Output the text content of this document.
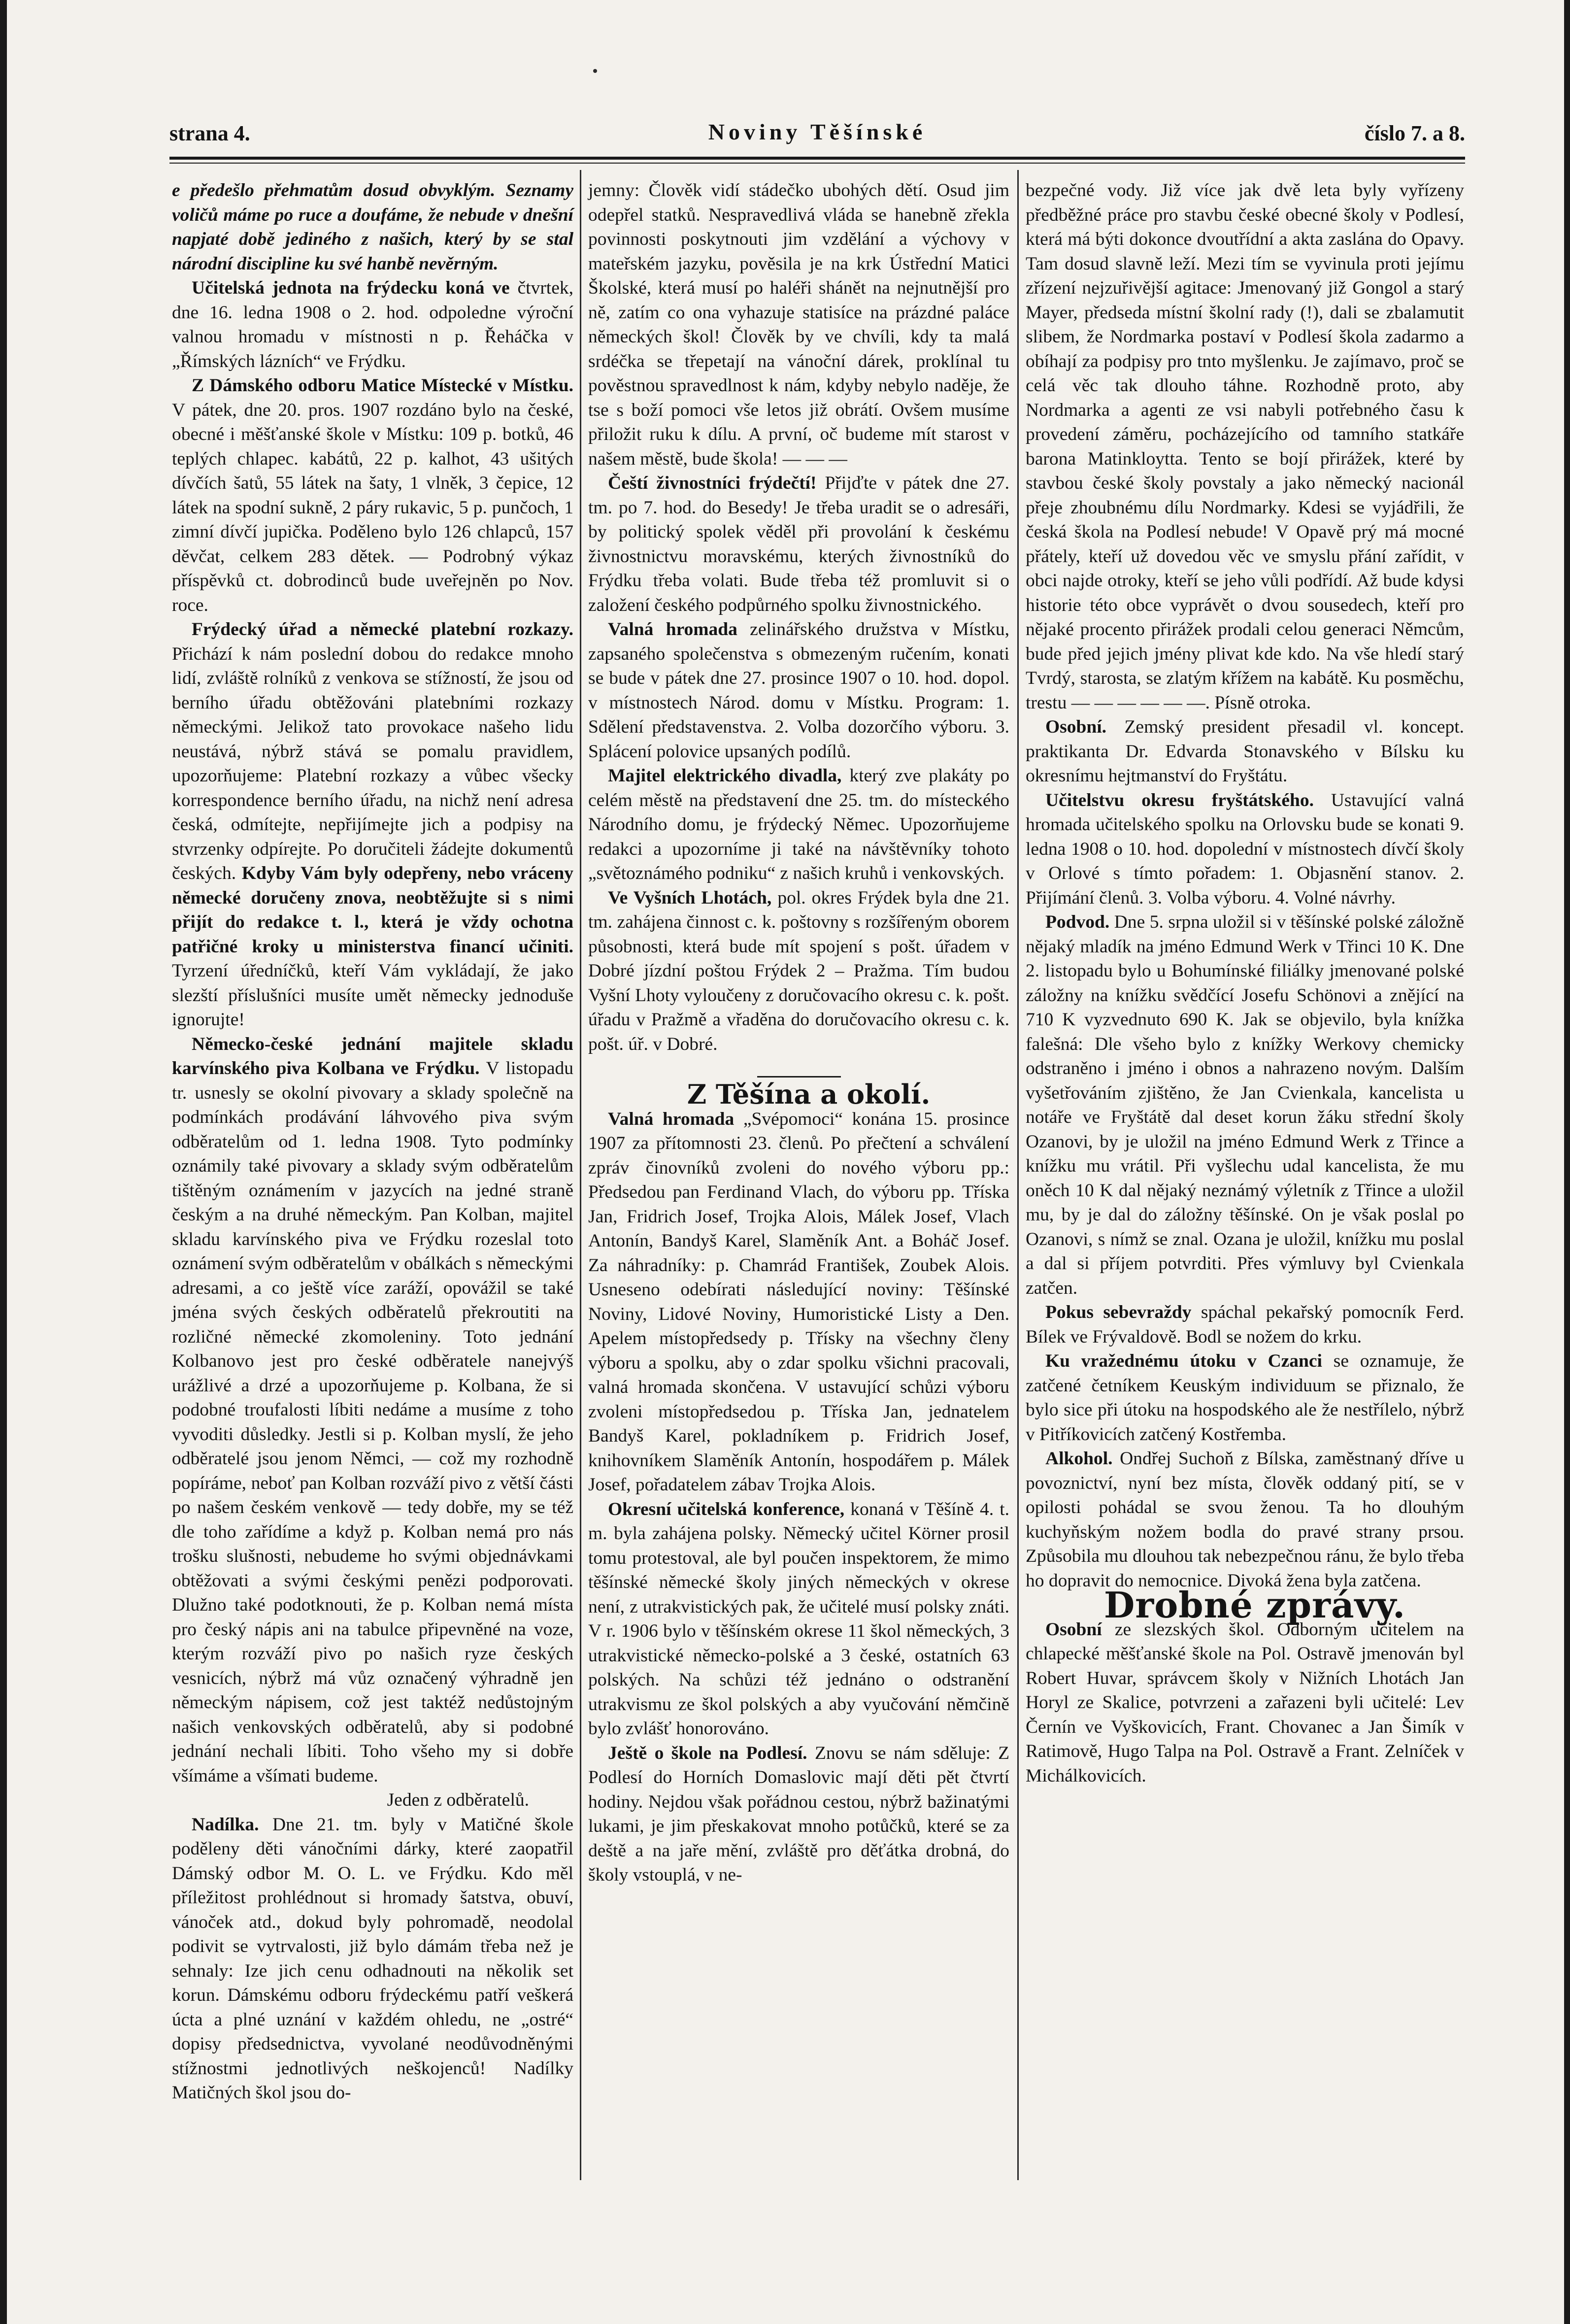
strana 4.	Noviny Těšínské	číslo 7. a 8.

e předešlo přehmatům dosud obvyklým. Seznamy voličů máme po ruce a doufáme, že nebude v dnešní napjaté době jediného z našich, který by se stal národní discipline ku své hanbě nevěrným.

Učitelská jednota na frýdecku koná ve čtvrtek, dne 16. ledna 1908 o 2. hod. odpoledne výroční valnou hromadu v místnosti n p. Řeháčka v „Římských lázních“ ve Frýdku.

Z Dámského odboru Matice Místecké v Místku. V pátek, dne 20. pros. 1907 rozdáno bylo na české, obecné i měšťanské škole v Místku: 109 p. botků, 46 teplých chlapec. kabátů, 22 p. kalhot, 43 ušitých dívčích šatů, 55 látek na šaty, 1 vlněk, 3 čepice, 12 látek na spodní sukně, 2 páry rukavic, 5 p. punčoch, 1 zimní dívčí jupička. Poděleno bylo 126 chlapců, 157 děvčat, celkem 283 dětek. — Podrobný výkaz příspěvků ct. dobrodinců bude uveřejněn po Nov. roce.

Frýdecký úřad a německé platební rozkazy. Přichází k nám poslední dobou do redakce mnoho lidí, zvláště rolníků z venkova se stížností, že jsou od berního úřadu obtěžováni platebními rozkazy německými. Jelikož tato provokace našeho lidu neustává, nýbrž stává se pomalu pravidlem, upozorňujeme: Platební rozkazy a vůbec všecky korrespondence berního úřadu, na nichž není adresa česká, odmítejte, nepřijímejte jich a podpisy na stvrzenky odpírejte. Po doručiteli žádejte dokumentů českých. Kdyby Vám byly odepřeny, nebo vráceny německé doručeny znova, neobtěžujte si s nimi přijít do redakce t. l., která je vždy ochotna patřičné kroky u ministerstva financí učiniti. Tyrzení úředníčků, kteří Vám vykládají, že jako slezští příslušníci musíte umět německy jednoduše ignorujte!

Německo-české jednání majitele skladu karvínského piva Kolbana ve Frýdku. V listopadu tr. usnesly se okolní pivovary a sklady společně na podmínkách prodávání láhvového piva svým odběratelům od 1. ledna 1908. Tyto podmínky oznámily také pivovary a sklady svým odběratelům tištěným oznámením v jazycích na jedné straně českým a na druhé německým. Pan Kolban, majitel skladu karvínského piva ve Frýdku rozeslal toto oznámení svým odběratelům v obálkách s německými adresami, a co ještě více zaráží, opovážil se také jména svých českých odběratelů překroutiti na rozličné německé zkomoleniny. Toto jednání Kolbanovo jest pro české odběratele nanejvýš urážlivé a drzé a upozorňujeme p. Kolbana, že si podobné troufalosti líbiti nedáme a musíme z toho vyvoditi důsledky. Jestli si p. Kolban myslí, že jeho odběratelé jsou jenom Němci, — což my rozhodně popíráme, neboť pan Kolban rozváží pivo z větší části po našem českém venkově — tedy dobře, my se též dle toho zařídíme a když p. Kolban nemá pro nás trošku slušnosti, nebudeme ho svými objednávkami obtěžovati a svými českými penězi podporovati. Dlužno také podotknouti, že p. Kolban nemá místa pro český nápis ani na tabulce připevněné na voze, kterým rozváží pivo po našich ryze českých vesnicích, nýbrž má vůz označený výhradně jen německým nápisem, což jest taktéž nedůstojným našich venkovských odběratelů, aby si podobné jednání nechali líbiti. Toho všeho my si dobře všímáme a všímati budeme.

Jeden z odběratelů.

Nadílka. Dne 21. tm. byly v Matičné škole poděleny děti vánočními dárky, které zaopatřil Dámský odbor M. O. L. ve Frýdku. Kdo měl příležitost prohlédnout si hromady šatstva, obuví, vánoček atd., dokud byly pohromadě, neodolal podivit se vytrvalosti, již bylo dámám třeba než je sehnaly: Ize jich cenu odhadnouti na několik set korun. Dámskému odboru frýdeckému patří veškerá úcta a plné uznání v každém ohledu, ne „ostré“ dopisy předsednictva, vyvolané neodůvodněnými stížnostmi jednotlivých neškojenců! Nadílky Matičných škol jsou do-

jemny: Člověk vidí stádečko ubohých dětí. Osud jim odepřel statků. Nespravedlivá vláda se hanebně zřekla povinnosti poskytnouti jim vzdělání a výchovy v mateřském jazyku, pověsila je na krk Ústřední Matici Školské, která musí po haléři shánět na nejnutnější pro ně, zatím co ona vyhazuje statisíce na prázdné paláce německých škol! Člověk by ve chvíli, kdy ta malá srdéčka se třepetají na vánoční dárek, proklínal tu pověstnou spravedlnost k nám, kdyby nebylo naděje, že tse s boží pomoci vše letos již obrátí. Ovšem musíme přiložit ruku k dílu. A první, oč budeme mít starost v našem městě, bude škola! — — —

Čeští živnostníci frýdečtí! Přijďte v pátek dne 27. tm. po 7. hod. do Besedy! Je třeba uradit se o adresáři, by politický spolek věděl při provolání k českému živnostnictvu moravskému, kterých živnostníků do Frýdku třeba volati. Bude třeba též promluvit si o založení českého podpůrného spolku živnostnického.

Valná hromada zelinářského družstva v Místku, zapsaného společenstva s obmezeným ručením, konati se bude v pátek dne 27. prosince 1907 o 10. hod. dopol. v místnostech Národ. domu v Místku. Program: 1. Sdělení představenstva. 2. Volba dozorčího výboru. 3. Splácení polovice upsaných podílů.

Majitel elektrického divadla, který zve plakáty po celém městě na představení dne 25. tm. do místeckého Národního domu, je frýdecký Němec. Upozorňujeme redakci a upozorníme ji také na návštěvníky tohoto „světoznámého podniku“ z našich kruhů i venkovských.

Ve Vyšních Lhotách, pol. okres Frýdek byla dne 21. tm. zahájena činnost c. k. poštovny s rozšířeným oborem působnosti, která bude mít spojení s pošt. úřadem v Dobré jízdní poštou Frýdek 2 – Pražma. Tím budou Vyšní Lhoty vyloučeny z doručovacího okresu c. k. pošt. úřadu v Pražmě a vřaděna do doručovacího okresu c. k. pošt. úř. v Dobré.

Z Těšína a okolí.

Valná hromada „Svépomoci“ konána 15. prosince 1907 za přítomnosti 23. členů. Po přečtení a schválení zpráv činovníků zvoleni do nového výboru pp.: Předsedou pan Ferdinand Vlach, do výboru pp. Tříska Jan, Fridrich Josef, Trojka Alois, Málek Josef, Vlach Antonín, Bandyš Karel, Slaměník Ant. a Boháč Josef. Za náhradníky: p. Chamrád František, Zoubek Alois. Usneseno odebírati následující noviny: Těšínské Noviny, Lidové Noviny, Humoristické Listy a Den. Apelem místopředsedy p. Třísky na všechny členy výboru a spolku, aby o zdar spolku všichni pracovali, valná hromada skončena. V ustavující schůzi výboru zvoleni místopředsedou p. Tříska Jan, jednatelem Bandyš Karel, pokladníkem p. Fridrich Josef, knihovníkem Slaměník Antonín, hospodářem p. Málek Josef, pořadatelem zábav Trojka Alois.

Okresní učitelská konference, konaná v Těšíně 4. t. m. byla zahájena polsky. Německý učitel Körner prosil tomu protestoval, ale byl poučen inspektorem, že mimo těšínské německé školy jiných německých v okrese není, z utrakvistických pak, že učitelé musí polsky znáti. V r. 1906 bylo v těšínském okrese 11 škol německých, 3 utrakvistické německo-polské a 3 české, ostatních 63 polských. Na schůzi též jednáno o odstranění utrakvismu ze škol polských a aby vyučování němčině bylo zvlášť honorováno.

Ještě o škole na Podlesí. Znovu se nám sděluje: Z Podlesí do Horních Domaslovic mají děti pět čtvrtí hodiny. Nejdou však pořádnou cestou, nýbrž bažinatými lukami, je jim přeskakovat mnoho potůčků, které se za deště a na jaře mění, zvláště pro děťátka drobná, do školy vstouplá, v ne-

bezpečné vody. Již více jak dvě leta byly vyřízeny předběžné práce pro stavbu české obecné školy v Podlesí, která má býti dokonce dvoutřídní a akta zaslána do Opavy. Tam dosud slavně leží. Mezi tím se vyvinula proti jejímu zřízení nejzuřivější agitace: Jmenovaný již Gongol a starý Mayer, předseda místní školní rady (!), dali se zbalamutit slibem, že Nordmarka postaví v Podlesí škola zadarmo a obíhají za podpisy pro tnto myšlenku. Je zajímavo, proč se celá věc tak dlouho táhne. Rozhodně proto, aby Nordmarka a agenti ze vsi nabyli potřebného času k provedení záměru, pocházejícího od tamního statkáře barona Matinkloytta. Tento se bojí přirážek, které by stavbou české školy povstaly a jako německý nacionál přeje zhoubnému dílu Nordmarky. Kdesi se vyjádřili, že česká škola na Podlesí nebude! V Opavě prý má mocné přátely, kteří už dovedou věc ve smyslu přání zařídit, v obci najde otroky, kteří se jeho vůli podřídí. Až bude kdysi historie této obce vyprávět o dvou sousedech, kteří pro nějaké procento přirážek prodali celou generaci Němcům, bude před jejich jmény plivat kde kdo. Na vše hledí starý Tvrdý, starosta, se zlatým křížem na kabátě. Ku posměchu, trestu — — — — — —. Písně otroka.

Osobní. Zemský president přesadil vl. koncept. praktikanta Dr. Edvarda Stonavského v Bílsku ku okresnímu hejtmanství do Fryštátu.

Učitelstvu okresu fryštátského. Ustavující valná hromada učitelského spolku na Orlovsku bude se konati 9. ledna 1908 o 10. hod. dopolední v místnostech dívčí školy v Orlové s tímto pořadem: 1. Objasnění stanov. 2. Přijímání členů. 3. Volba výboru. 4. Volné návrhy.

Podvod. Dne 5. srpna uložil si v těšínské polské záložně nějaký mladík na jméno Edmund Werk v Třinci 10 K. Dne 2. listopadu bylo u Bohumínské filiálky jmenované polské záložny na knížku svědčící Josefu Schönovi a znějící na 710 K vyzvednuto 690 K. Jak se objevilo, byla knížka falešná: Dle všeho bylo z knížky Werkovy chemicky odstraněno i jméno i obnos a nahrazeno novým. Dalším vyšetřováním zjištěno, že Jan Cvienkala, kancelista u notáře ve Fryštátě dal deset korun žáku střední školy Ozanovi, by je uložil na jméno Edmund Werk z Třince a knížku mu vrátil. Při vyšlechu udal kancelista, že mu oněch 10 K dal nějaký neznámý výletník z Třince a uložil mu, by je dal do záložny těšínské. On je však poslal po Ozanovi, s nímž se znal. Ozana je uložil, knížku mu poslal a dal si příjem potvrditi. Přes výmluvy byl Cvienkala zatčen.

Pokus sebevraždy spáchal pekařský pomocník Ferd. Bílek ve Frývaldově. Bodl se nožem do krku.

Ku vražednému útoku v Czanci se oznamuje, že zatčené četníkem Keuským individuum se přiznalo, že bylo sice při útoku na hospodského ale že nestřílelo, nýbrž v Pitříkovicích zatčený Kostřemba.

Alkohol. Ondřej Suchoň z Bílska, zaměstnaný dříve u povoznictví, nyní bez místa, člověk oddaný pití, se v opilosti pohádal se svou ženou. Ta ho dlouhým kuchyňským nožem bodla do pravé strany prsou. Způsobila mu dlouhou tak nebezpečnou ránu, že bylo třeba ho dopravit do nemocnice. Divoká žena byla zatčena.

Drobné zprávy.

Osobní ze slezských škol. Odborným učitelem na chlapecké měšťanské škole na Pol. Ostravě jmenován byl Robert Huvar, správcem školy v Nižních Lhotách Jan Horyl ze Skalice, potvrzeni a zařazeni byli učitelé: Lev Černín ve Vyškovicích, Frant. Chovanec a Jan Šimík v Ratimově, Hugo Talpa na Pol. Ostravě a Frant. Zelníček v Michálkovicích.
